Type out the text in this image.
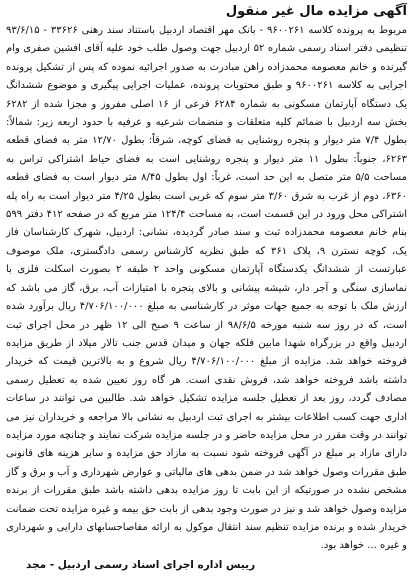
آگهی مزایده مال غیر منقول

مربوط به پرونده کلاسه ۹۶۰۰۲۶۱ - بانک مهر اقتصاد اردبیل باستناد سند رهنی ۳۳۶۲۶ - ۹۳/۶/۱۵ تنظیمی دفتر اسناد رسمی شماره ۵۲ اردبیل جهت وصول طلب خود علیه آقای افشین صفری وام گیرنده و خانم معصومه محمدزاده راهن مبادرت به صدور اجرائیه نموده که پس از تشکیل پرونده اجرایی به کلاسه ۹۶۰۰۲۶۱ و طبق محتویات پرونده، عملیات اجرایی پیگیری و موضوع ششدانگ یک دستگاه آپارتمان مسکونی به شماره ۶۲۸۴ فرعی از ۱۶ اصلی مفروز و مجزا شده از ۶۲۸۲ بخش سه اردبیل با ضمائم کلیه متعلقات و منضمات شرعیه و عرفیه با حدود اربعه زیر: شمالاً: بطول ۷/۴ متر دیوار و پنجره روشنایی به فضای کوچه، شرقاً: بطول ۱۲/۷۰ متر به فضای قطعه ۶۲۶۳، جنوباً: بطول ۱۱ متر دیوار و پنجره روشنایی است به فضای حیاط اشتراکی تراس به مساحت ۵/۵ متر متصل به این حد است، غرباً: اول بطول ۸/۴۵ متر دیوار است به فضای قطعه ۶۳۶۰، دوم از غرب به شرق ۳/۶۰ متر سوم که غربی است بطول ۴/۲۵ متر دیوار است به راه پله اشتراکی محل ورود در این قسمت است، به مساحت ۱۲۴/۴ متر مربع که در صفحه ۴۱۲ دفتر ۵۹۹ بنام خانم معصومه محمدزاده ثبت و سند صادر گردیده، نشانی: اردبیل، شهرک کارشناسان فاز یک، کوچه نسترن ۹، پلاک ۳۶۱ که طبق نظریه کارشناس رسمی دادگستری، ملک موصوف عبارتست از ششدانگ یکدستگاه آپارتمان مسکونی واحد ۲ طبقه ۲ بصورت اسکلت فلزی با نماسازی سنگی و آجر دار، شیشه پیشانی و بالای پنجره با امتیازات آب، برق، گاز می باشد که ارزش ملک با توجه به جمیع جهات موثر در کارشناسی به مبلغ ۴/۷۰۶/۱۰۰/۰۰۰ ریال برآورد شده است، که در روز سه شنبه مورخه ۹۸/۶/۵ از ساعت ۹ صبح الی ۱۲ ظهر در محل اجرای ثبت اردبیل واقع در بزرگراه شهدا مابین فلکه جهان و میدان قدس جنب تالار میلاد از طریق مزایده فروخته خواهد شد. مزایده از مبلغ ۴/۷۰۶/۱۰۰/۰۰۰ ریال شروع و به بالاترین قیمت که خریدار داشته باشد فروخته خواهد شد، فروش نقدی است. هر گاه روز تعیین شده به تعطیل رسمی مصادف گردد، روز بعد از تعطیل جلسه مزایده تشکیل خواهد شد. طالبین می توانند در ساعات اداری جهت کسب اطلاعات بیشتر به اجرای ثبت اردبیل به نشانی بالا مراجعه و خریداران نیز می توانند در وقت مقرر در محل مزایده حاضر و در جلسه مزایده شرکت نمایند و چنانچه مورد مزایده دارای مازاد بر مبلغ در آگهی فروخته شود نسبت به مازاد حق مزایده و سایر هزینه های قانونی طبق مقررات وصول خواهد شد در ضمن بدهی های مالیاتی و عوارض شهرداری و آب و برق و گاز مشخص نشده در صورتیکه از این بابت تا روز مزایده بدهی داشته باشد طبق مقررات از برنده مزایده وصول خواهد شد و نیز در صورت وجود بدهی از بابت حق بیمه و غیره مزایده تحت ضمانت خریدار شده و برنده مزایده تنظیم سند انتقال موکول به ارائه مفاصاحسابهای دارایی و شهرداری و غیره ... خواهد بود.

رییس اداره اجرای اسناد رسمی اردبیل - مجد
